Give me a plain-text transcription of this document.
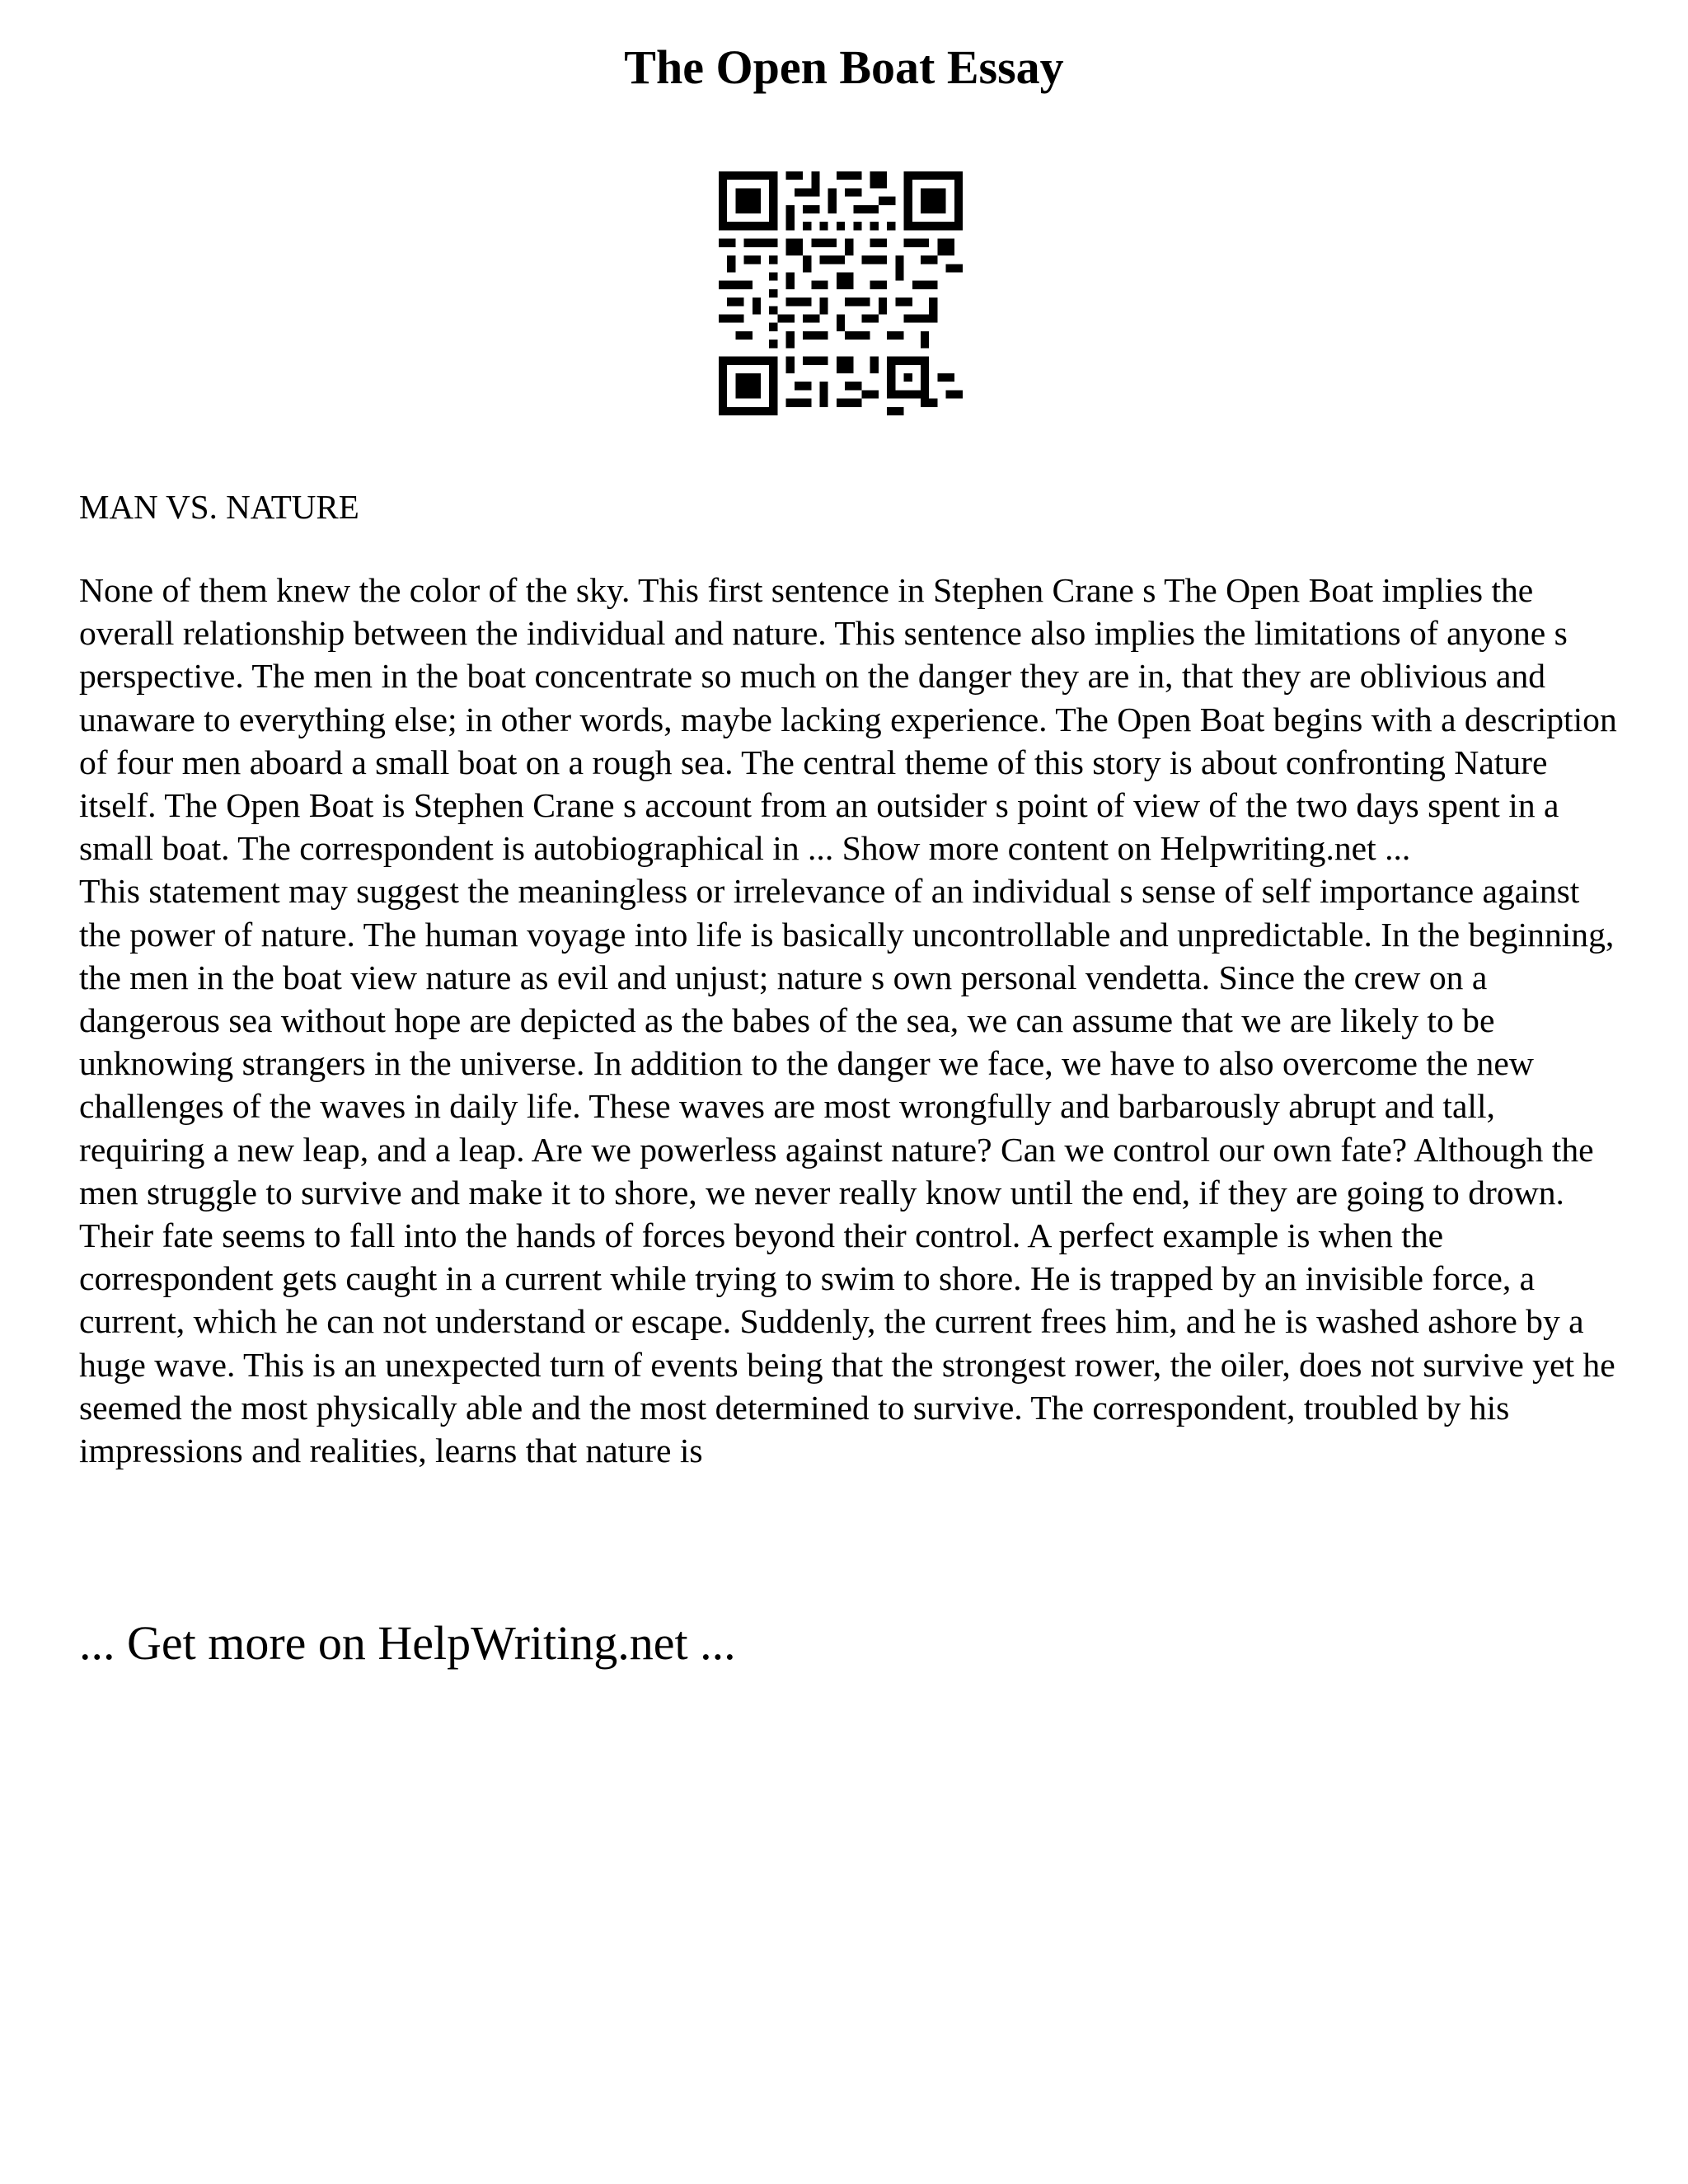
The Open Boat Essay
MAN VS. NATURE

None of them knew the color of the sky. This first sentence in Stephen Crane s The Open Boat implies the overall relationship between the individual and nature. This sentence also implies the limitations of anyone s perspective. The men in the boat concentrate so much on the danger they are in, that they are oblivious and unaware to everything else; in other words, maybe lacking experience. The Open Boat begins with a description of four men aboard a small boat on a rough sea. The central theme of this story is about confronting Nature itself. The Open Boat is Stephen Crane s account from an outsider s point of view of the two days spent in a small boat. The correspondent is autobiographical in ... Show more content on Helpwriting.net ...

This statement may suggest the meaningless or irrelevance of an individual s sense of self importance against the power of nature. The human voyage into life is basically uncontrollable and unpredictable. In the beginning, the men in the boat view nature as evil and unjust; nature s own personal vendetta. Since the crew on a dangerous sea without hope are depicted as the babes of the sea, we can assume that we are likely to be unknowing strangers in the universe. In addition to the danger we face, we have to also overcome the new challenges of the waves in daily life. These waves are most wrongfully and barbarously abrupt and tall, requiring a new leap, and a leap. Are we powerless against nature? Can we control our own fate? Although the men struggle to survive and make it to shore, we never really know until the end, if they are going to drown. Their fate seems to fall into the hands of forces beyond their control. A perfect example is when the correspondent gets caught in a current while trying to swim to shore. He is trapped by an invisible force, a current, which he can not understand or escape. Suddenly, the current frees him, and he is washed ashore by a huge wave. This is an unexpected turn of events being that the strongest rower, the oiler, does not survive yet he seemed the most physically able and the most determined to survive. The correspondent, troubled by his impressions and realities, learns that nature is

... Get more on HelpWriting.net ...
